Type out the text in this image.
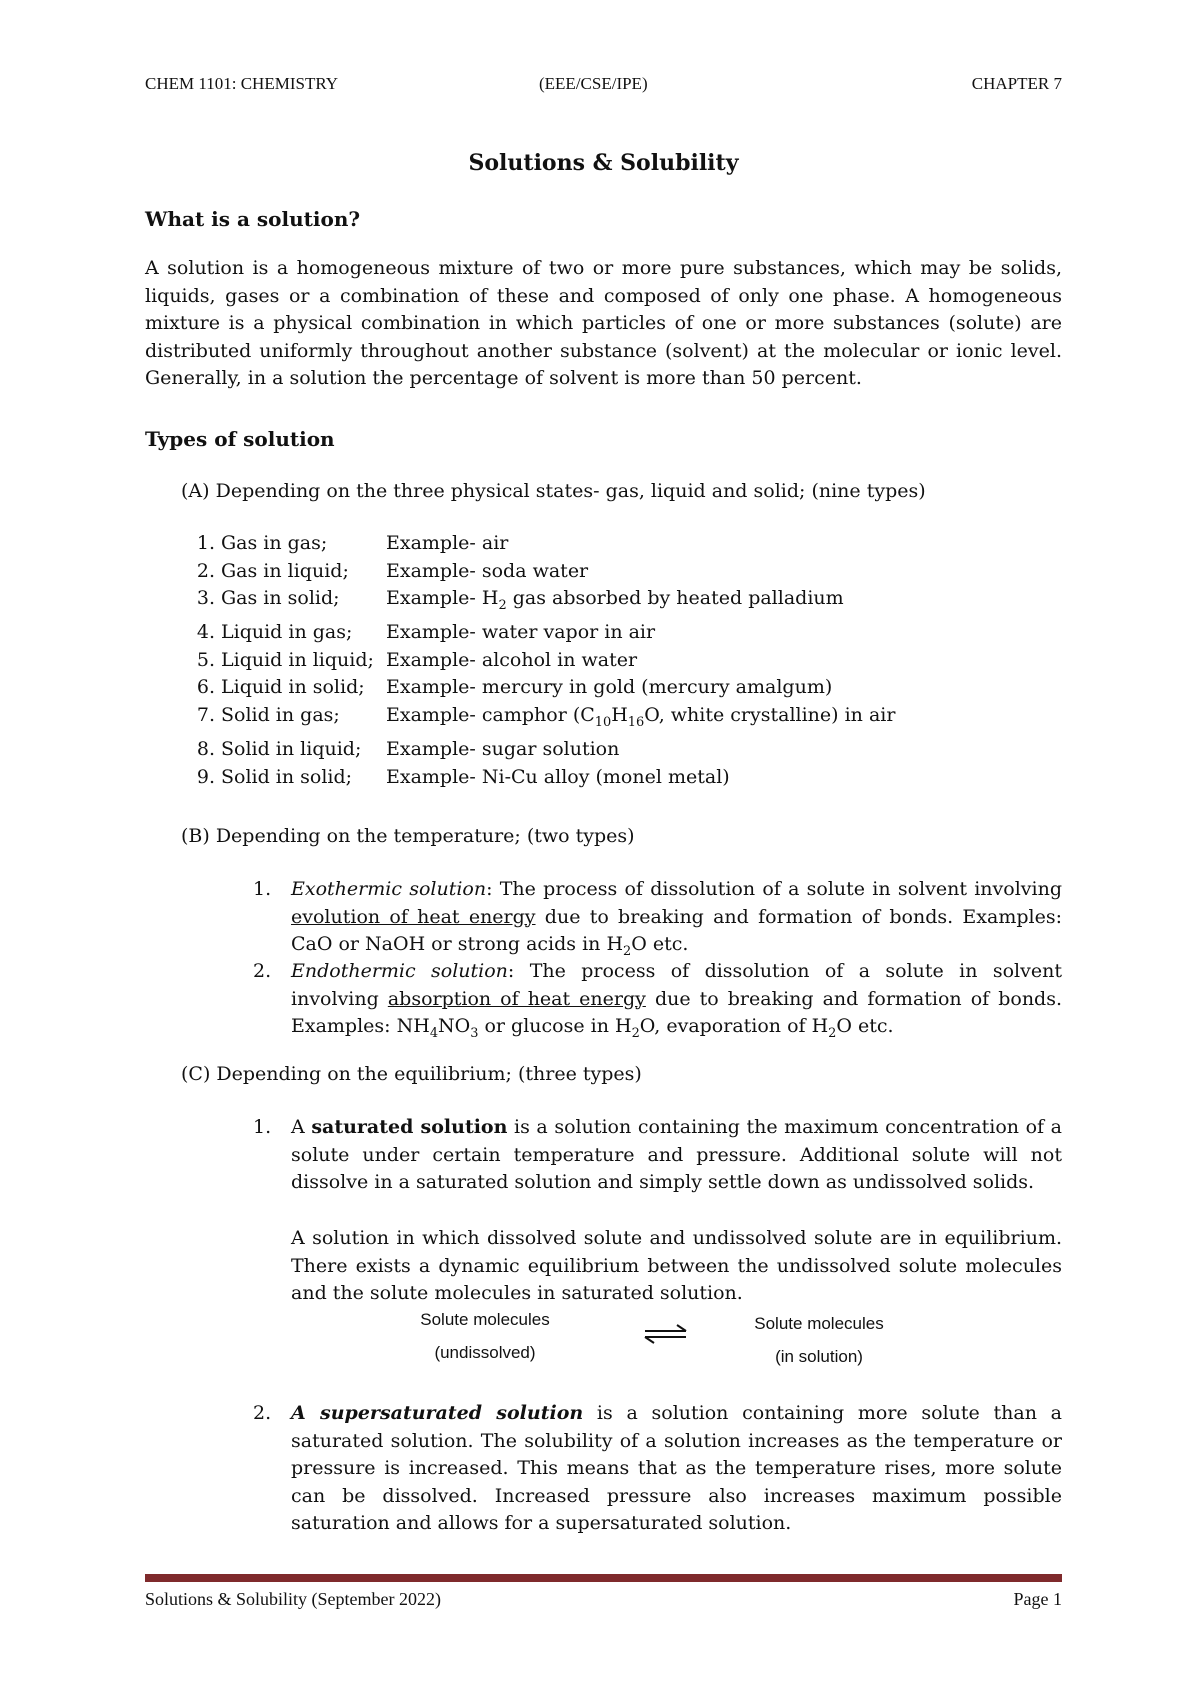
CHEM 1101: CHEMISTRY	(EEE/CSE/IPE)	CHAPTER 7
Solutions & Solubility
What is a solution?
A solution is a homogeneous mixture of two or more pure substances, which may be solids, liquids, gases or a combination of these and composed of only one phase. A homogeneous mixture is a physical combination in which particles of one or more substances (solute) are distributed uniformly throughout another substance (solvent) at the molecular or ionic level. Generally, in a solution the percentage of solvent is more than 50 percent.
Types of solution
(A) Depending on the three physical states- gas, liquid and solid; (nine types)
1. Gas in gas;	Example- air
2. Gas in liquid; Example- soda water
3. Gas in solid; Example- $H_2$ gas absorbed by heated palladium
4. Liquid in gas; Example- water vapor in air
5. Liquid in liquid; Example- alcohol in water
6. Liquid in solid; Example- mercury in gold (mercury amalgum)
7. Solid in gas; Example- camphor ($C_{10}H_{16}O$, white crystalline) in air
8. Solid in liquid; Example- sugar solution
9. Solid in solid; Example- Ni-Cu alloy (monel metal)
(B) Depending on the temperature; (two types)
1. Exothermic solution: The process of dissolution of a solute in solvent involving evolution of heat energy due to breaking and formation of bonds. Examples: CaO or NaOH or strong acids in $H_2O$ etc.
2. Endothermic solution: The process of dissolution of a solute in solvent involving absorption of heat energy due to breaking and formation of bonds. Examples: $NH_4NO_3$ or glucose in $H_2O$, evaporation of $H_2O$ etc.
(C) Depending on the equilibrium; (three types)
1. A saturated solution is a solution containing the maximum concentration of a solute under certain temperature and pressure. Additional solute will not dissolve in a saturated solution and simply settle down as undissolved solids.
A solution in which dissolved solute and undissolved solute are in equilibrium. There exists a dynamic equilibrium between the undissolved solute molecules and the solute molecules in saturated solution.
Solute molecules
(undissolved)
Solute molecules
(in solution)
2. A supersaturated solution is a solution containing more solute than a saturated solution. The solubility of a solution increases as the temperature or pressure is increased. This means that as the temperature rises, more solute can be dissolved. Increased pressure also increases maximum possible saturation and allows for a supersaturated solution.
Solutions & Solubility (September 2022)	Page 1
